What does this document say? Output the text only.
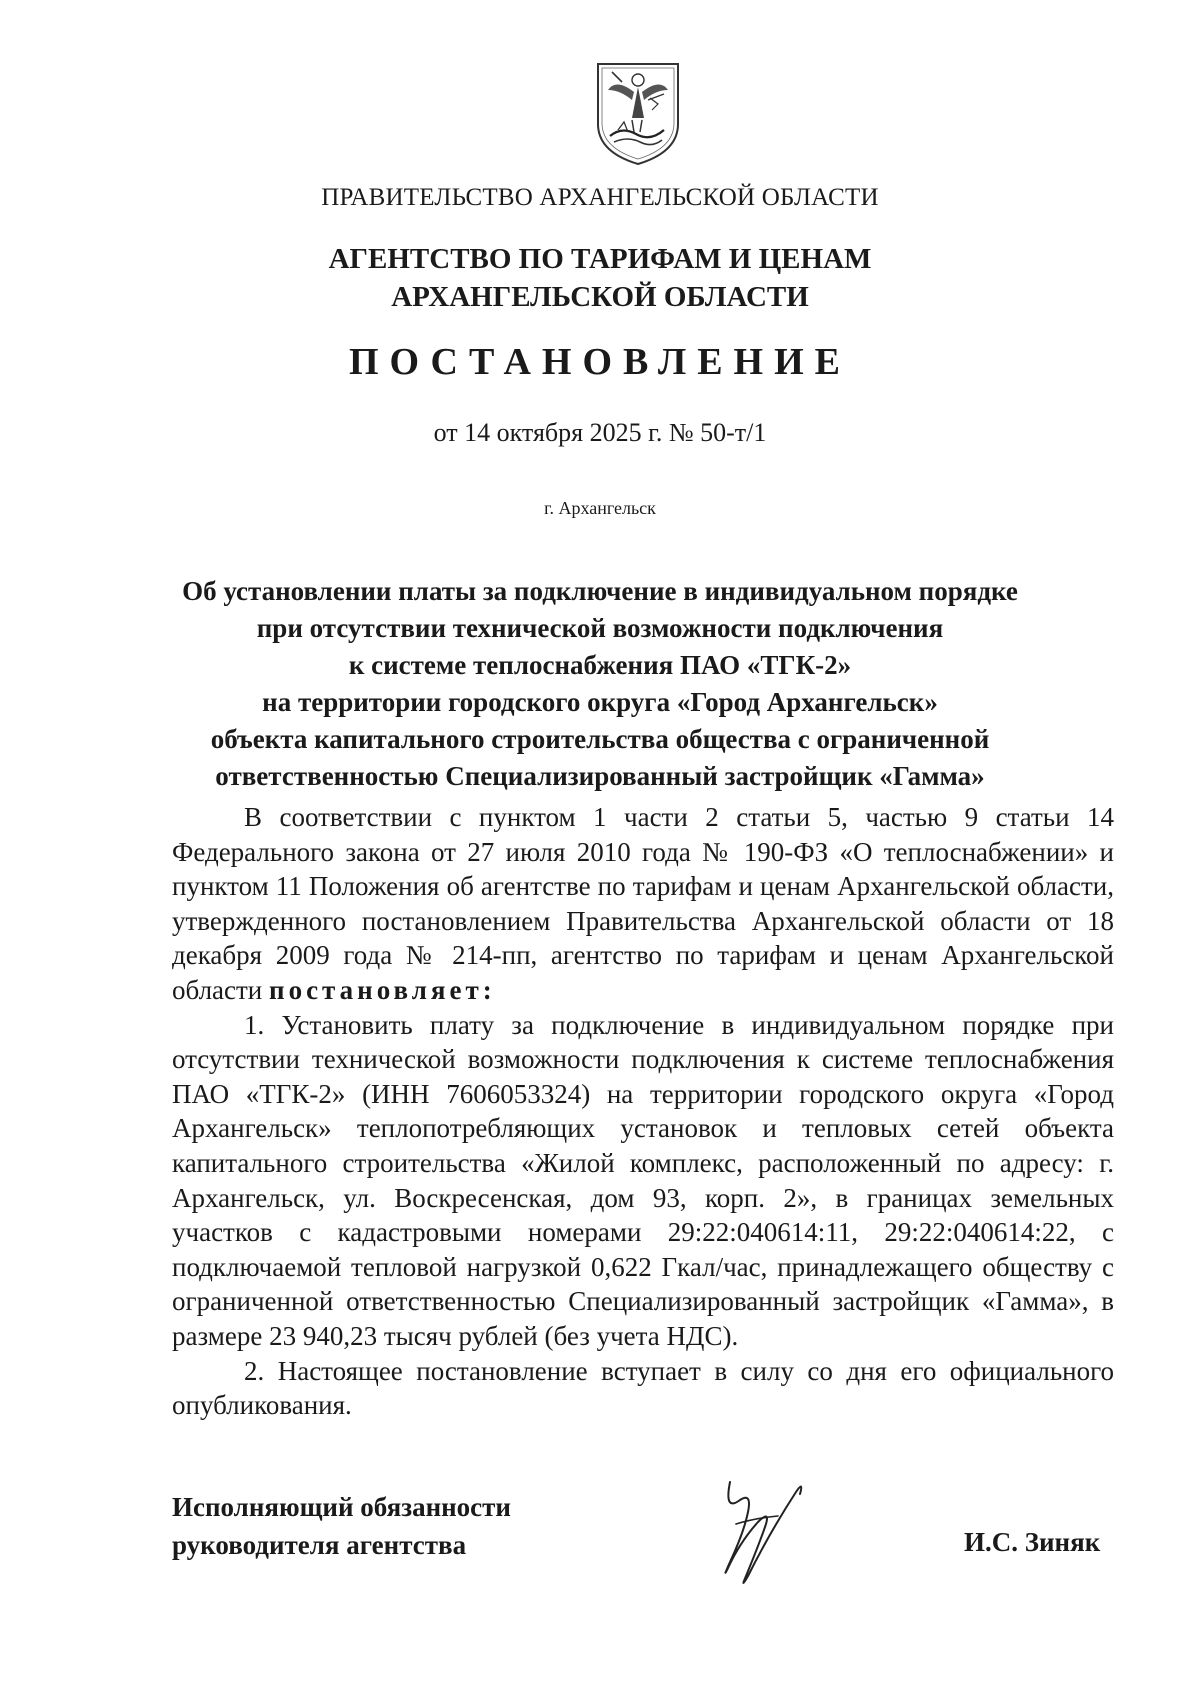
ПРАВИТЕЛЬСТВО АРХАНГЕЛЬСКОЙ ОБЛАСТИ
АГЕНТСТВО ПО ТАРИФАМ И ЦЕНАМ
АРХАНГЕЛЬСКОЙ ОБЛАСТИ
ПОСТАНОВЛЕНИЕ
от 14 октября 2025 г. № 50-т/1
г. Архангельск
Об установлении платы за подключение в индивидуальном порядке
при отсутствии технической возможности подключения
к системе теплоснабжения ПАО «ТГК-2»
на территории городского округа «Город Архангельск»
объекта капитального строительства общества с ограниченной
ответственностью Специализированный застройщик «Гамма»

В соответствии с пунктом 1 части 2 статьи 5, частью 9 статьи 14 Федерального закона от 27 июля 2010 года № 190-ФЗ «О теплоснабжении» и пунктом 11 Положения об агентстве по тарифам и ценам Архангельской области, утвержденного постановлением Правительства Архангельской области от 18 декабря 2009 года № 214-пп, агентство по тарифам и ценам Архангельской области постановляет:

1. Установить плату за подключение в индивидуальном порядке при отсутствии технической возможности подключения к системе теплоснабжения ПАО «ТГК-2» (ИНН 7606053324) на территории городского округа «Город Архангельск» теплопотребляющих установок и тепловых сетей объекта капитального строительства «Жилой комплекс, расположенный по адресу: г. Архангельск, ул. Воскресенская, дом 93, корп. 2», в границах земельных участков с кадастровыми номерами 29:22:040614:11, 29:22:040614:22, с подключаемой тепловой нагрузкой 0,622 Гкал/час, принадлежащего обществу с ограниченной ответственностью Специализированный застройщик «Гамма», в размере 23 940,23 тысяч рублей (без учета НДС).

2. Настоящее постановление вступает в силу со дня его официального опубликования.

Исполняющий обязанности
руководителя агентства	И.С. Зиняк
